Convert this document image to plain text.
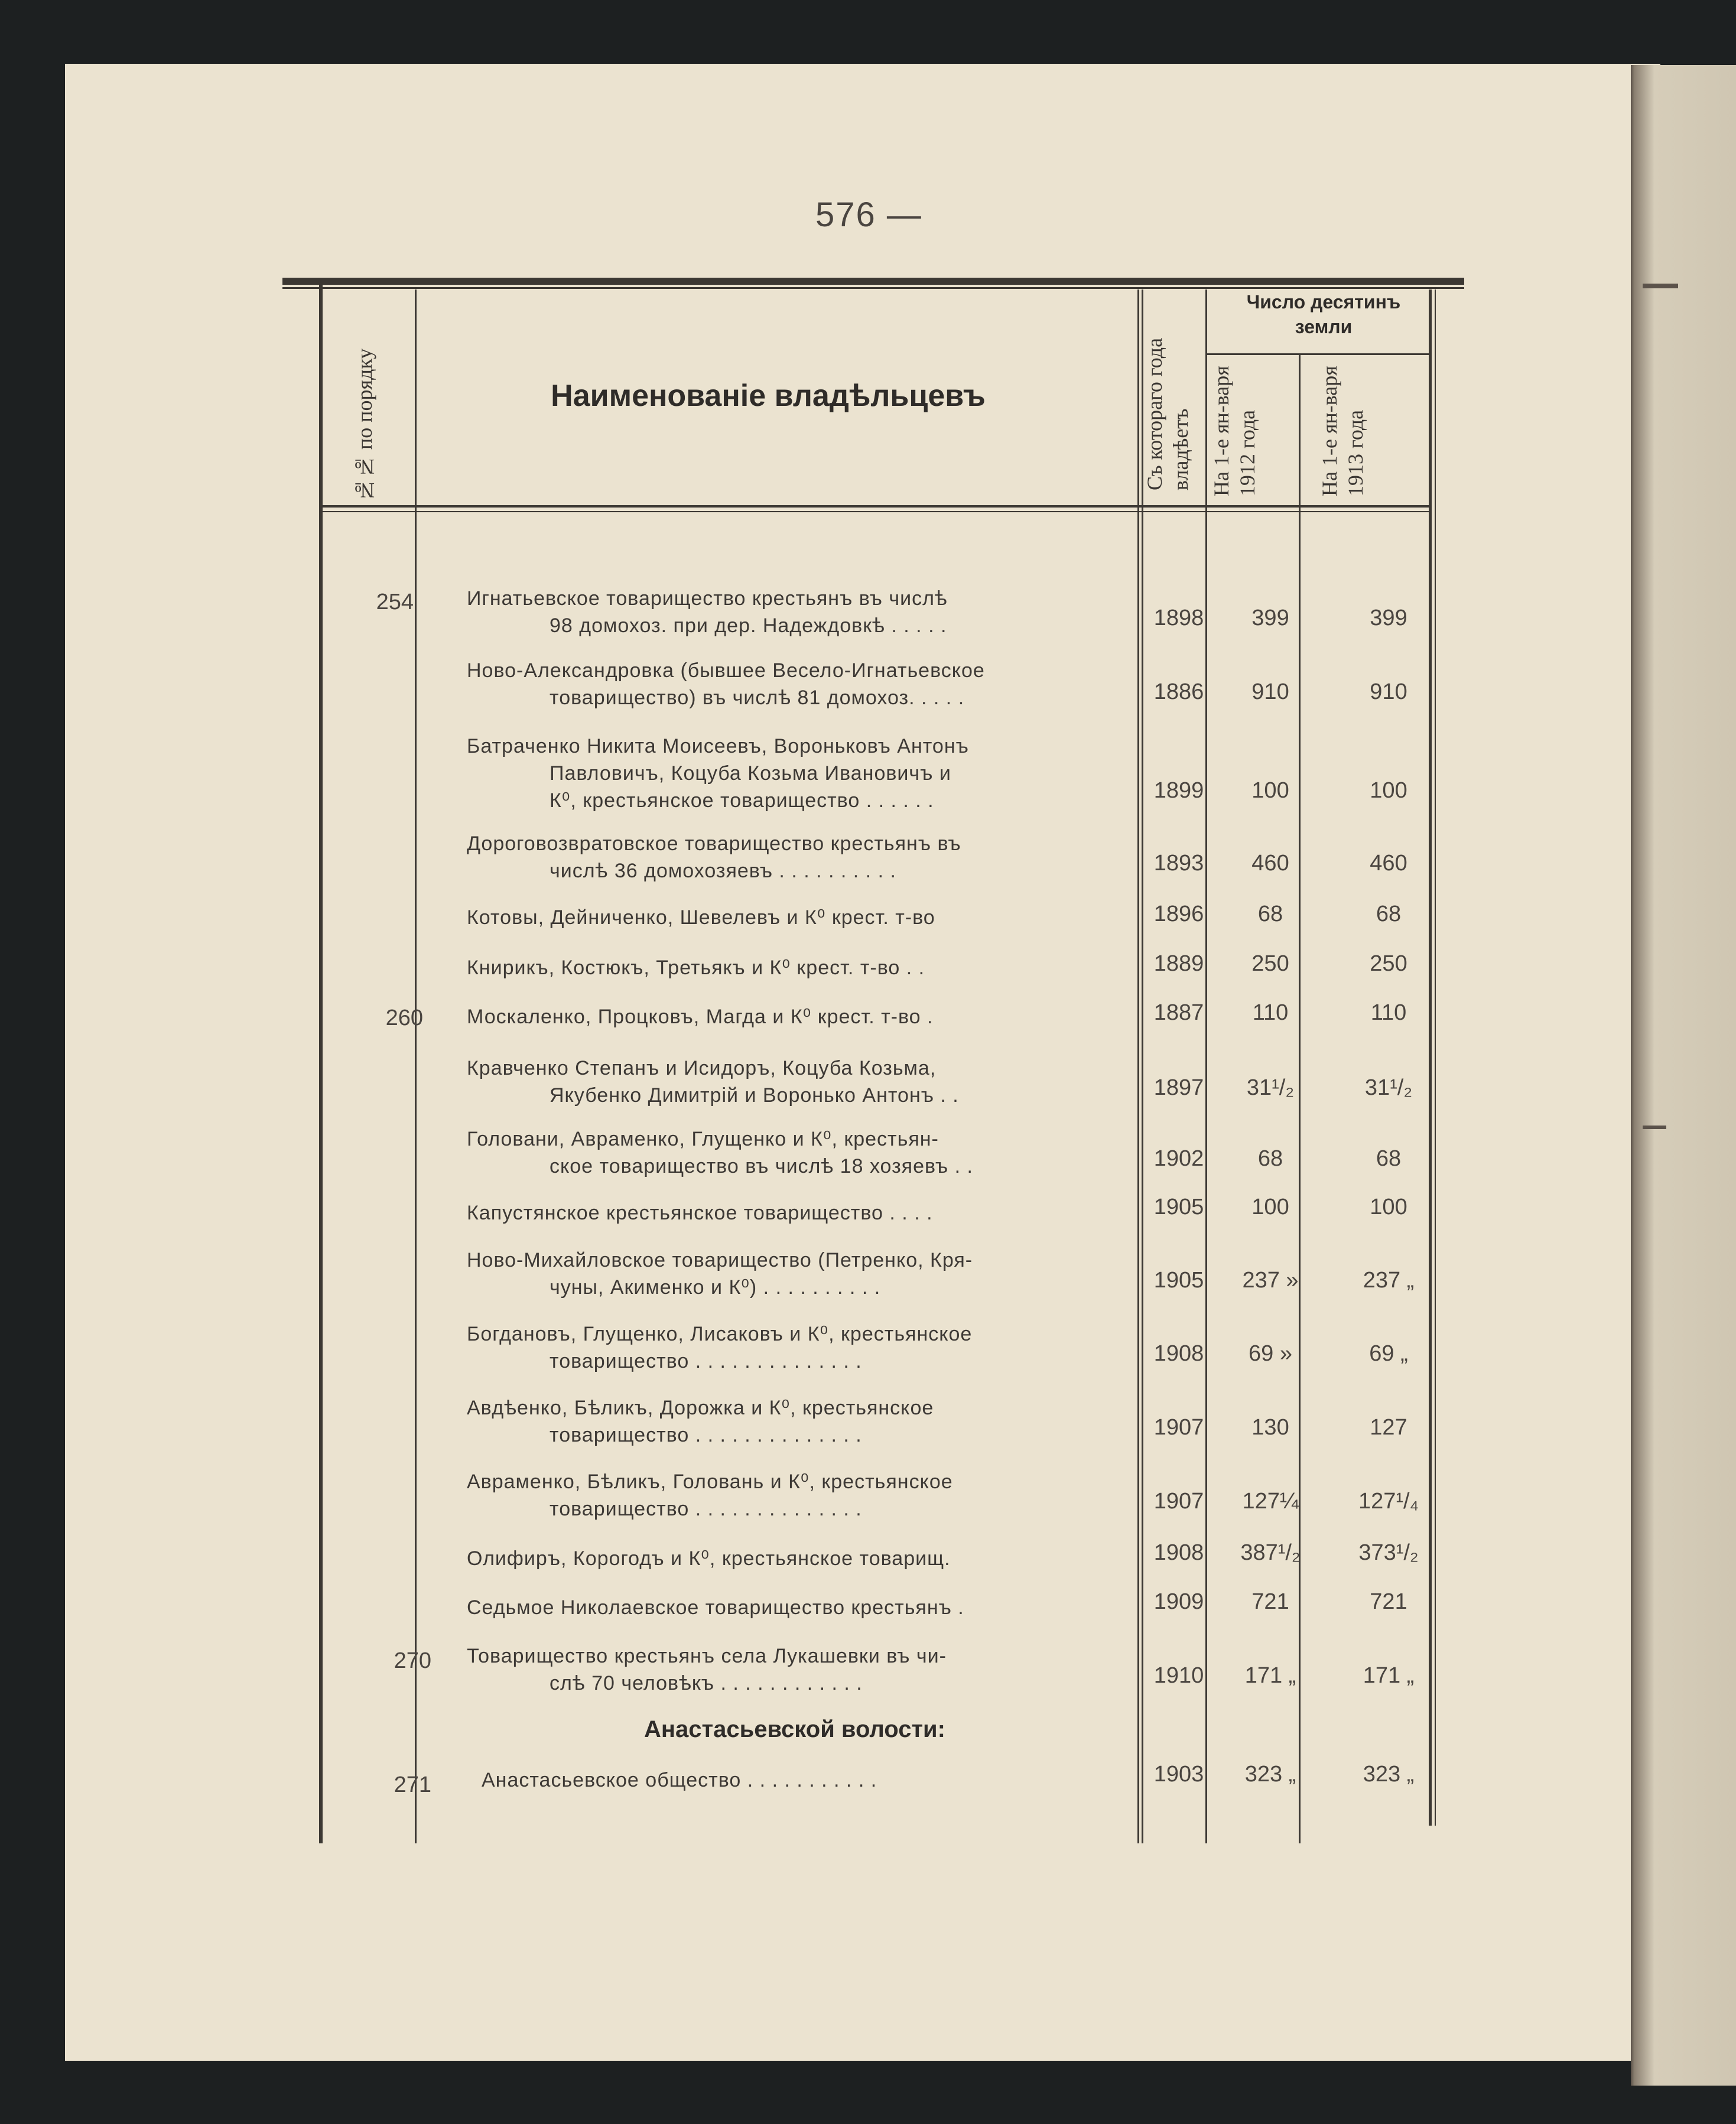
576 —
№№ по порядку	Наименованіе владѣльцевъ	Съ котораго года владѣетъ
Число десятинъ земли
На 1-е ян-варя 1912 года	На 1-е ян-варя 1913 года
254	Игнатьевское товарищество крестьянъ въ числѣ
98 домохоз. при дер. Надеждовкѣ . . . . .	1898	399	399
Ново-Александровка (бывшее Весело-Игнатьевское
товарищество) въ числѣ 81 домохоз. . . . .	1886	910	910
Батраченко Никита Моисеевъ, Вороньковъ Антонъ
Павловичъ, Коцуба Козьма Ивановичъ и
К⁰, крестьянское товарищество . . . . . .	1899	100	100
Дороговозвратовское товарищество крестьянъ въ
числѣ 36 домохозяевъ . . . . . . . . . .	1893	460	460
Котовы, Дейниченко, Шевелевъ и К⁰ крест. т-во	1896	68	68
Книрикъ, Костюкъ, Третьякъ и К⁰ крест. т-во . .	1889	250	250
260 Москаленко, Процковъ, Магда и К⁰ крест. т-во .	1887	110	110
Кравченко Степанъ и Исидоръ, Коцуба Козьма,
Якубенко Димитрій и Воронько Антонъ . .	1897	31¹/₂	31¹/₂
Головани, Авраменко, Глущенко и К⁰, крестьян-
ское товарищество въ числѣ 18 хозяевъ . .	1902	68	68
Капустянское крестьянское товарищество . . . .	1905	100	100
Ново-Михайловское товарищество (Петренко, Кря-
чуны, Акименко и К⁰) . . . . . . . . . .	1905	237 »	237 „
Богдановъ, Глущенко, Лисаковъ и К⁰, крестьянское
товарищество . . . . . . . . . . . . . .	1908	69 »	69 „
Авдѣенко, Бѣликъ, Дорожка и К⁰, крестьянское
товарищество . . . . . . . . . . . . . .	1907	130	127
Авраменко, Бѣликъ, Головань и К⁰, крестьянское
товарищество . . . . . . . . . . . . . .	1907	127¼	127¹/₄
Олифиръ, Корогодъ и К⁰, крестьянское товарищ.	1908	387¹/₂	373¹/₂
Седьмое Николаевское товарищество крестьянъ .	1909	721	721
270 Товарищество крестьянъ села Лукашевки въ чи-
слѣ 70 человѣкъ . . . . . . . . . . . .	1910	171 „	171 „
Анастасьевской волости:
271	Анастасьевское общество . . . . . . . . . . .	1903	323 „	323 „
